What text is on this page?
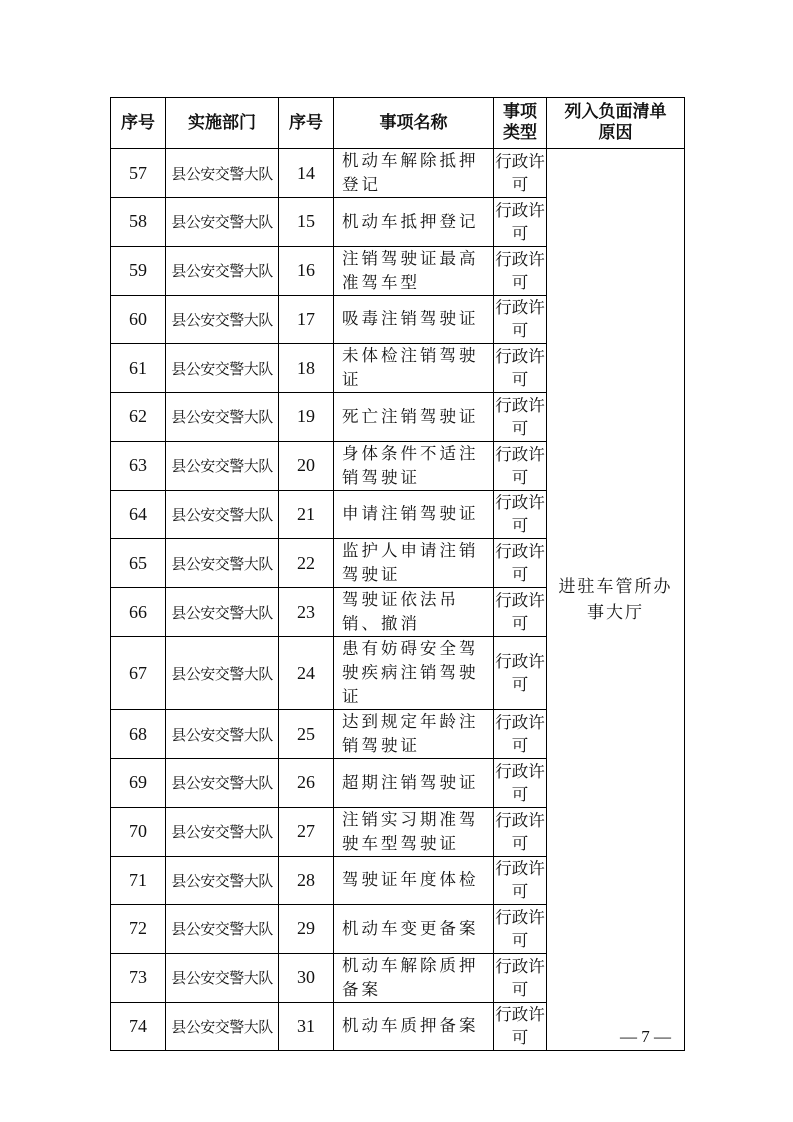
序号	实施部门	序号	事项名称	事项类型	列入负面清单原因
57	县公安交警大队	14	机动车解除抵押登记	行政许可	进驻车管所办事大厅
58	县公安交警大队	15	机动车抵押登记	行政许可	
59	县公安交警大队	16	注销驾驶证最高准驾车型	行政许可	
60	县公安交警大队	17	吸毒注销驾驶证	行政许可	
61	县公安交警大队	18	未体检注销驾驶证	行政许可	
62	县公安交警大队	19	死亡注销驾驶证	行政许可	
63	县公安交警大队	20	身体条件不适注销驾驶证	行政许可	
64	县公安交警大队	21	申请注销驾驶证	行政许可	
65	县公安交警大队	22	监护人申请注销驾驶证	行政许可	
66	县公安交警大队	23	驾驶证依法吊销、撤消	行政许可	
67	县公安交警大队	24	患有妨碍安全驾驶疾病注销驾驶证	行政许可	
68	县公安交警大队	25	达到规定年龄注销驾驶证	行政许可	
69	县公安交警大队	26	超期注销驾驶证	行政许可	
70	县公安交警大队	27	注销实习期准驾驶车型驾驶证	行政许可	
71	县公安交警大队	28	驾驶证年度体检	行政许可	
72	县公安交警大队	29	机动车变更备案	行政许可	
73	县公安交警大队	30	机动车解除质押备案	行政许可	
74	县公安交警大队	31	机动车质押备案	行政许可		— 7 —
